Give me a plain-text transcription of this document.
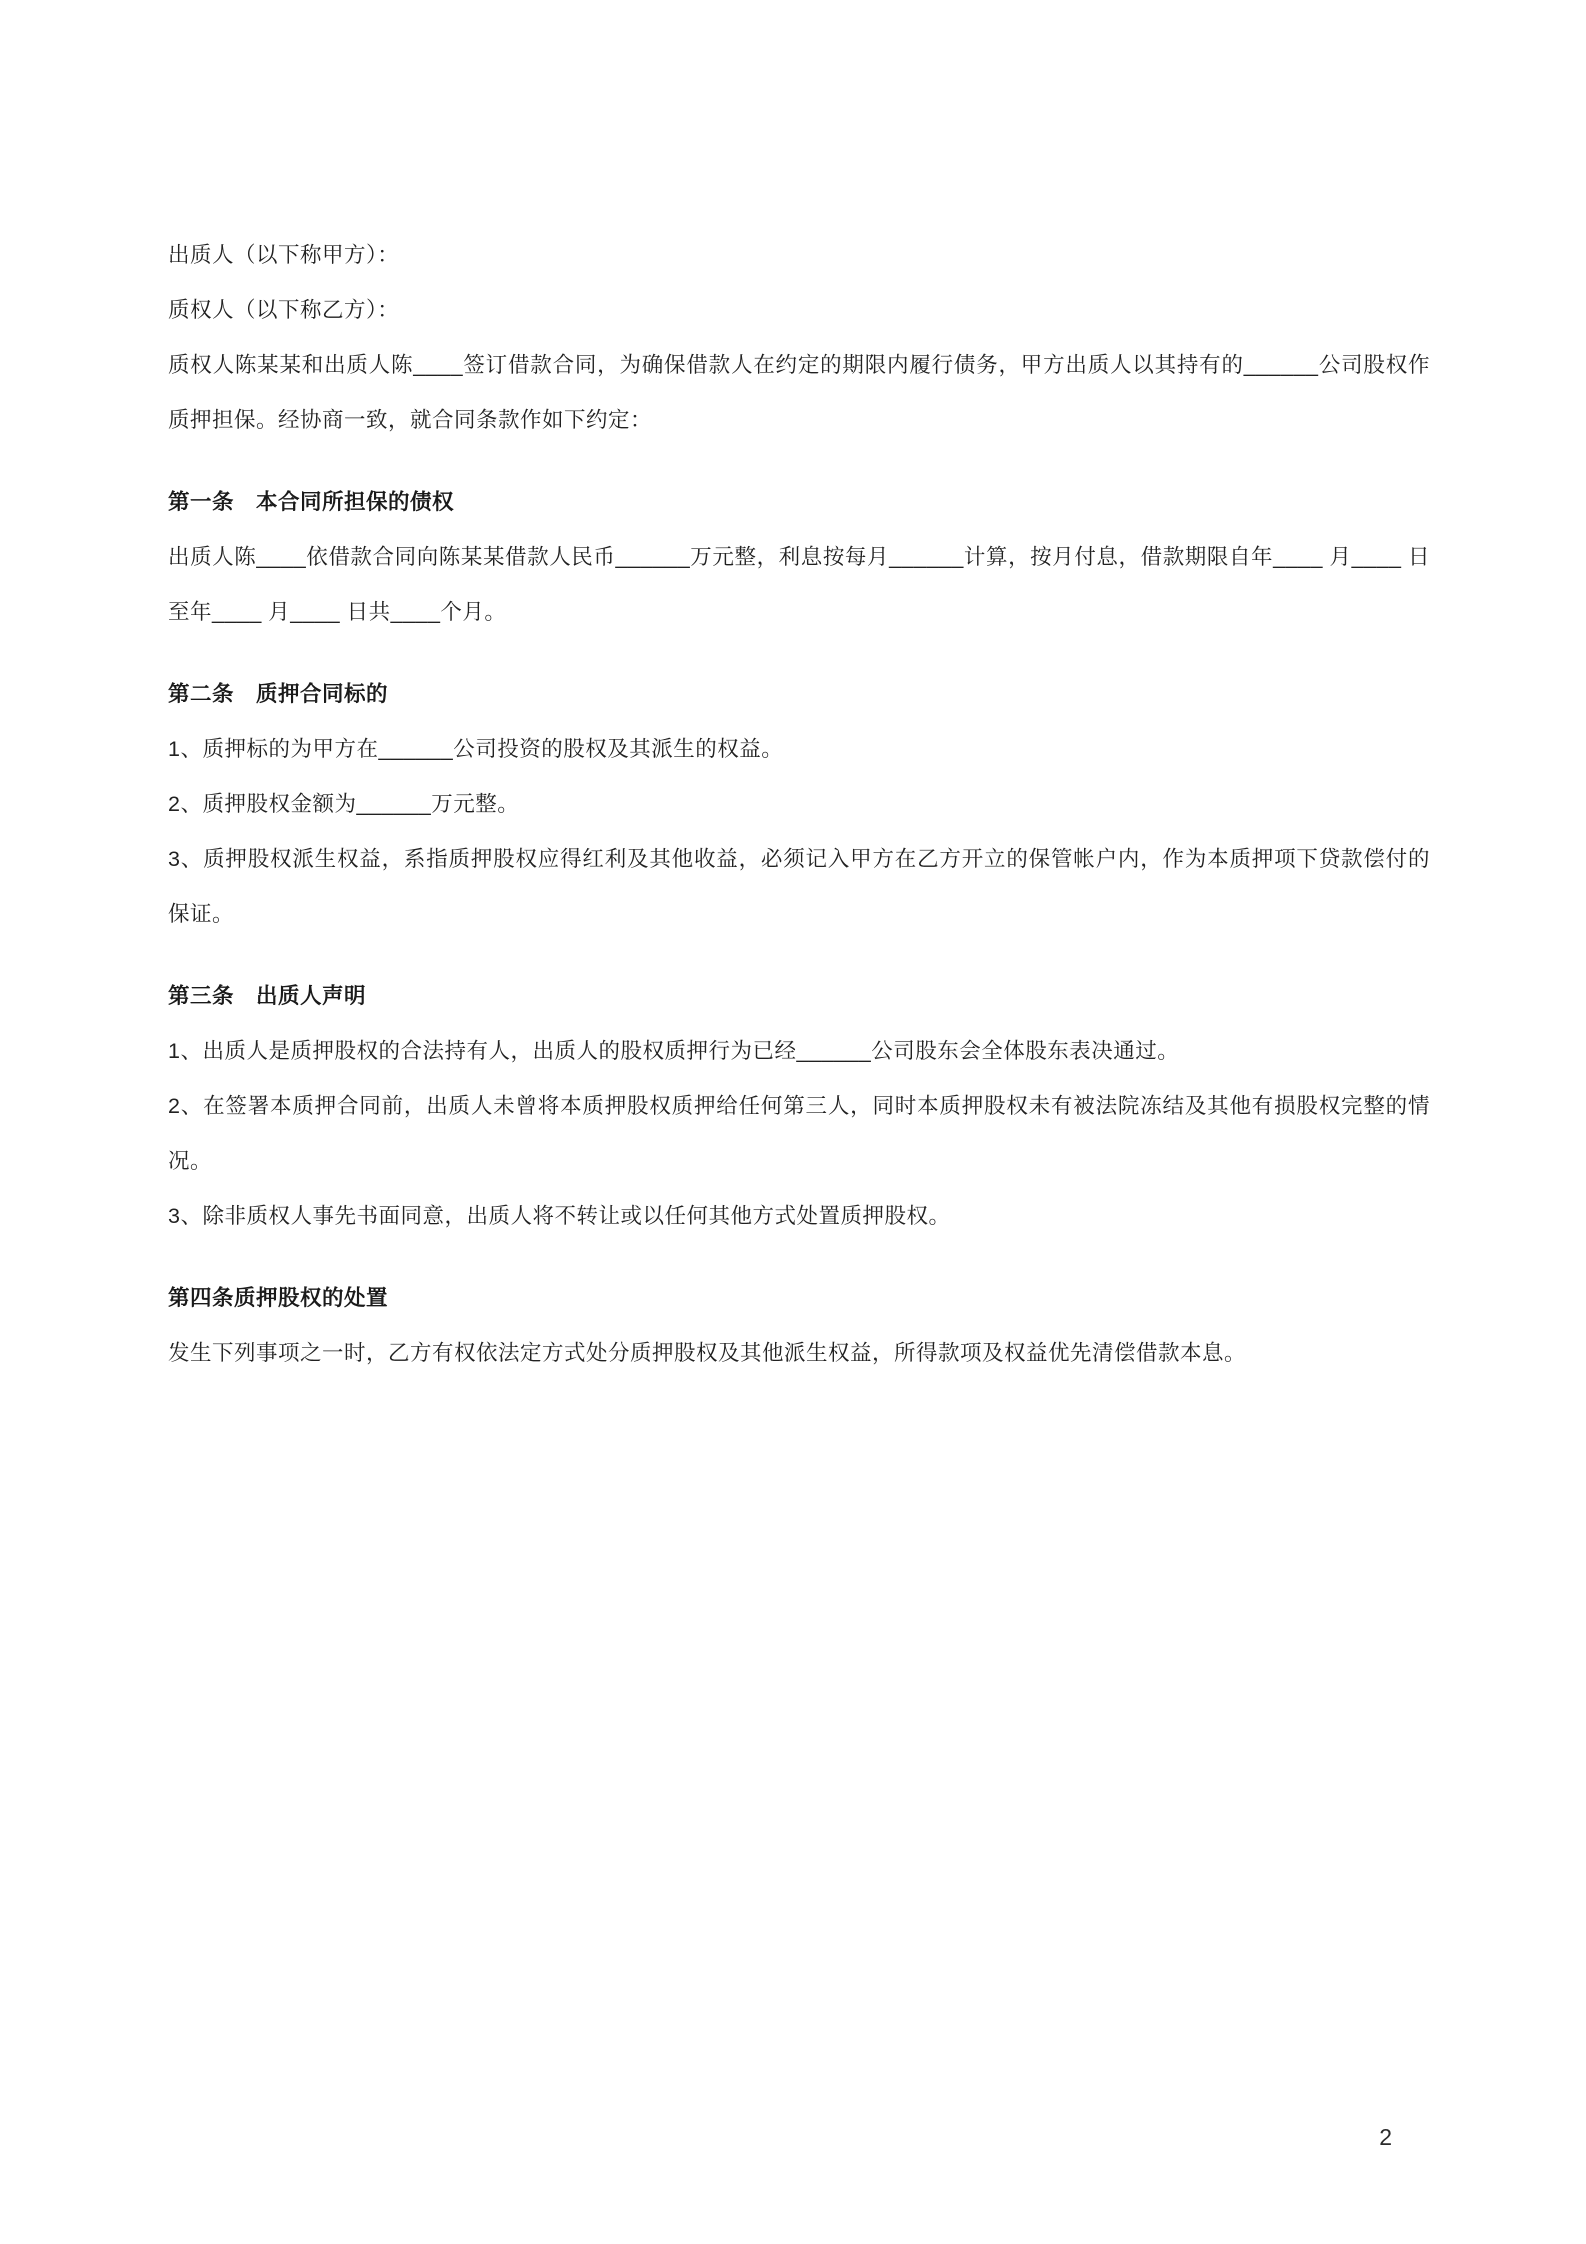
出质人（以下称甲方）：
质权人（以下称乙方）：
质权人陈某某和出质人陈____签订借款合同，为确保借款人在约定的期限内履行债务，甲方出质人以其持有的______公司股权作质押担保。经协商一致，就合同条款作如下约定：
第一条　本合同所担保的债权
出质人陈____依借款合同向陈某某借款人民币______万元整，利息按每月______计算，按月付息，借款期限自年____ 月____ 日至年____ 月____ 日共____个月。
第二条　质押合同标的
1、质押标的为甲方在______公司投资的股权及其派生的权益。
2、质押股权金额为______万元整。
3、质押股权派生权益，系指质押股权应得红利及其他收益，必须记入甲方在乙方开立的保管帐户内，作为本质押项下贷款偿付的保证。
第三条　出质人声明
1、出质人是质押股权的合法持有人，出质人的股权质押行为已经______公司股东会全体股东表决通过。
2、在签署本质押合同前，出质人未曾将本质押股权质押给任何第三人，同时本质押股权未有被法院冻结及其他有损股权完整的情况。
3、除非质权人事先书面同意，出质人将不转让或以任何其他方式处置质押股权。
第四条质押股权的处置
发生下列事项之一时，乙方有权依法定方式处分质押股权及其他派生权益，所得款项及权益优先清偿借款本息。
2
